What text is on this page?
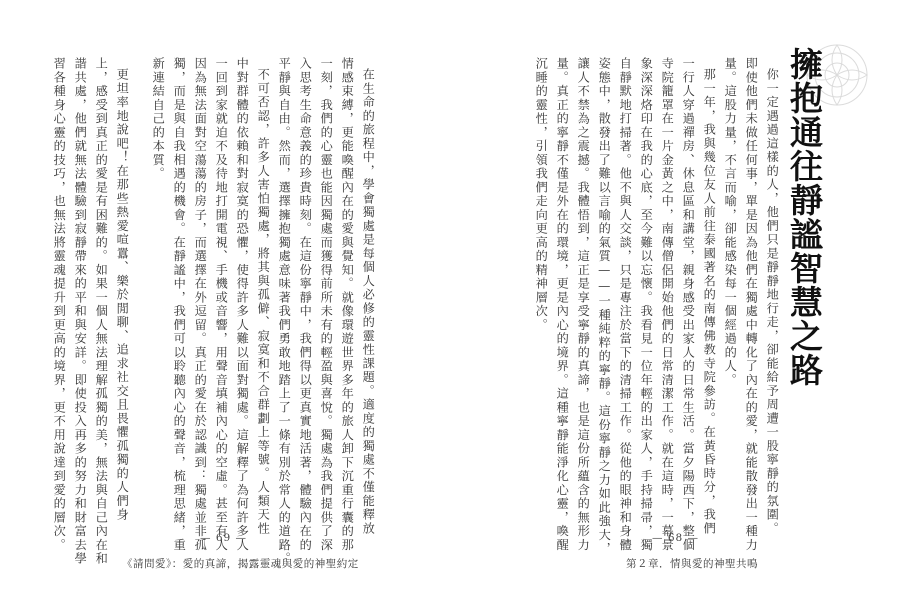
在生命的旅程中，學會獨處是每個人必修的靈性課題。適度的獨處不僅能釋放
情感束縛，更能喚醒內在的愛與覺知。就像環遊世界多年的旅人卸下沉重行囊的那
一刻，我們的心靈也能因獨處而獲得前所未有的輕盈與喜悅。獨處為我們提供了深
入思考生命意義的珍貴時刻。在這份寧靜中，我們得以更真實地活著，體驗內在的
平靜與自由。然而，選擇擁抱獨處意味著我們勇敢地踏上了一條有別於常人的道路。
不可否認，許多人害怕獨處，將其與孤僻、寂寞和不合群劃上等號。人類天性
中對群體的依賴和對寂寞的恐懼，使得許多人難以面對獨處。這解釋了為何許多人
一回到家就迫不及待地打開電視、手機或音響，用聲音填補內心的空虛。甚至有人
因為無法面對空蕩蕩的房子，而選擇在外逗留。真正的愛在於認識到：獨處並非孤
獨，而是與自我相遇的機會。在靜謐中，我們可以聆聽內心的聲音，梳理思緒，重
新連結自己的本質。
更坦率地說吧！在那些熱愛喧囂、樂於閒聊、追求社交且畏懼孤獨的人們身
上，感受到真正的愛是有困難的。如果一個人無法理解孤獨的美，無法與自己內在和
諧共處，他們就無法體驗到寂靜帶來的平和與安詳。即使投入再多的努力和財富去學
習各種身心靈的技巧，也無法將靈魂提升到更高的境界，更不用說達到愛的層次。	— 69 —
《請問愛》：愛的真諦，揭露靈魂與愛的神聖約定
擁抱通往靜謐智慧之路
你一定遇過這樣的人，他們只是靜靜地行走，卻能給予周遭一股寧靜的氛圍。
即使他們未做任何事，單是因為他們在獨處中轉化了內在的愛，就能散發出一種力
量。這股力量，不言而喻，卻能感染每一個經過的人。
那一年，我與幾位友人前往泰國著名的南傳佛教寺院參訪。在黃昏時分，我們
一行人穿過禪房、休息區和講堂，親身感受出家人的日常生活。當夕陽西下，整個
寺院籠罩在一片金黃之中，南傳僧侶開始他們的日常清潔工作。就在這時，一幕景
象深深烙印在我的心底，至今難以忘懷。我看見一位年輕的出家人，手持掃帚，獨
自靜默地打掃著。他不與人交談，只是專注於當下的清掃工作。從他的眼神和身體
姿態中，散發出了難以言喻的氣質——一種純粹的寧靜。這份寧靜之力如此強大，
讓人不禁為之震撼。我體悟到，這正是享受寧靜的真諦，也是這份所蘊含的無形力
量。真正的寧靜不僅是外在的環境，更是內心的境界。這種寧靜能淨化心靈，喚醒
沉睡的靈性，引領我們走向更高的精神層次。
— 68 —
第２章．情與愛的神聖共鳴
